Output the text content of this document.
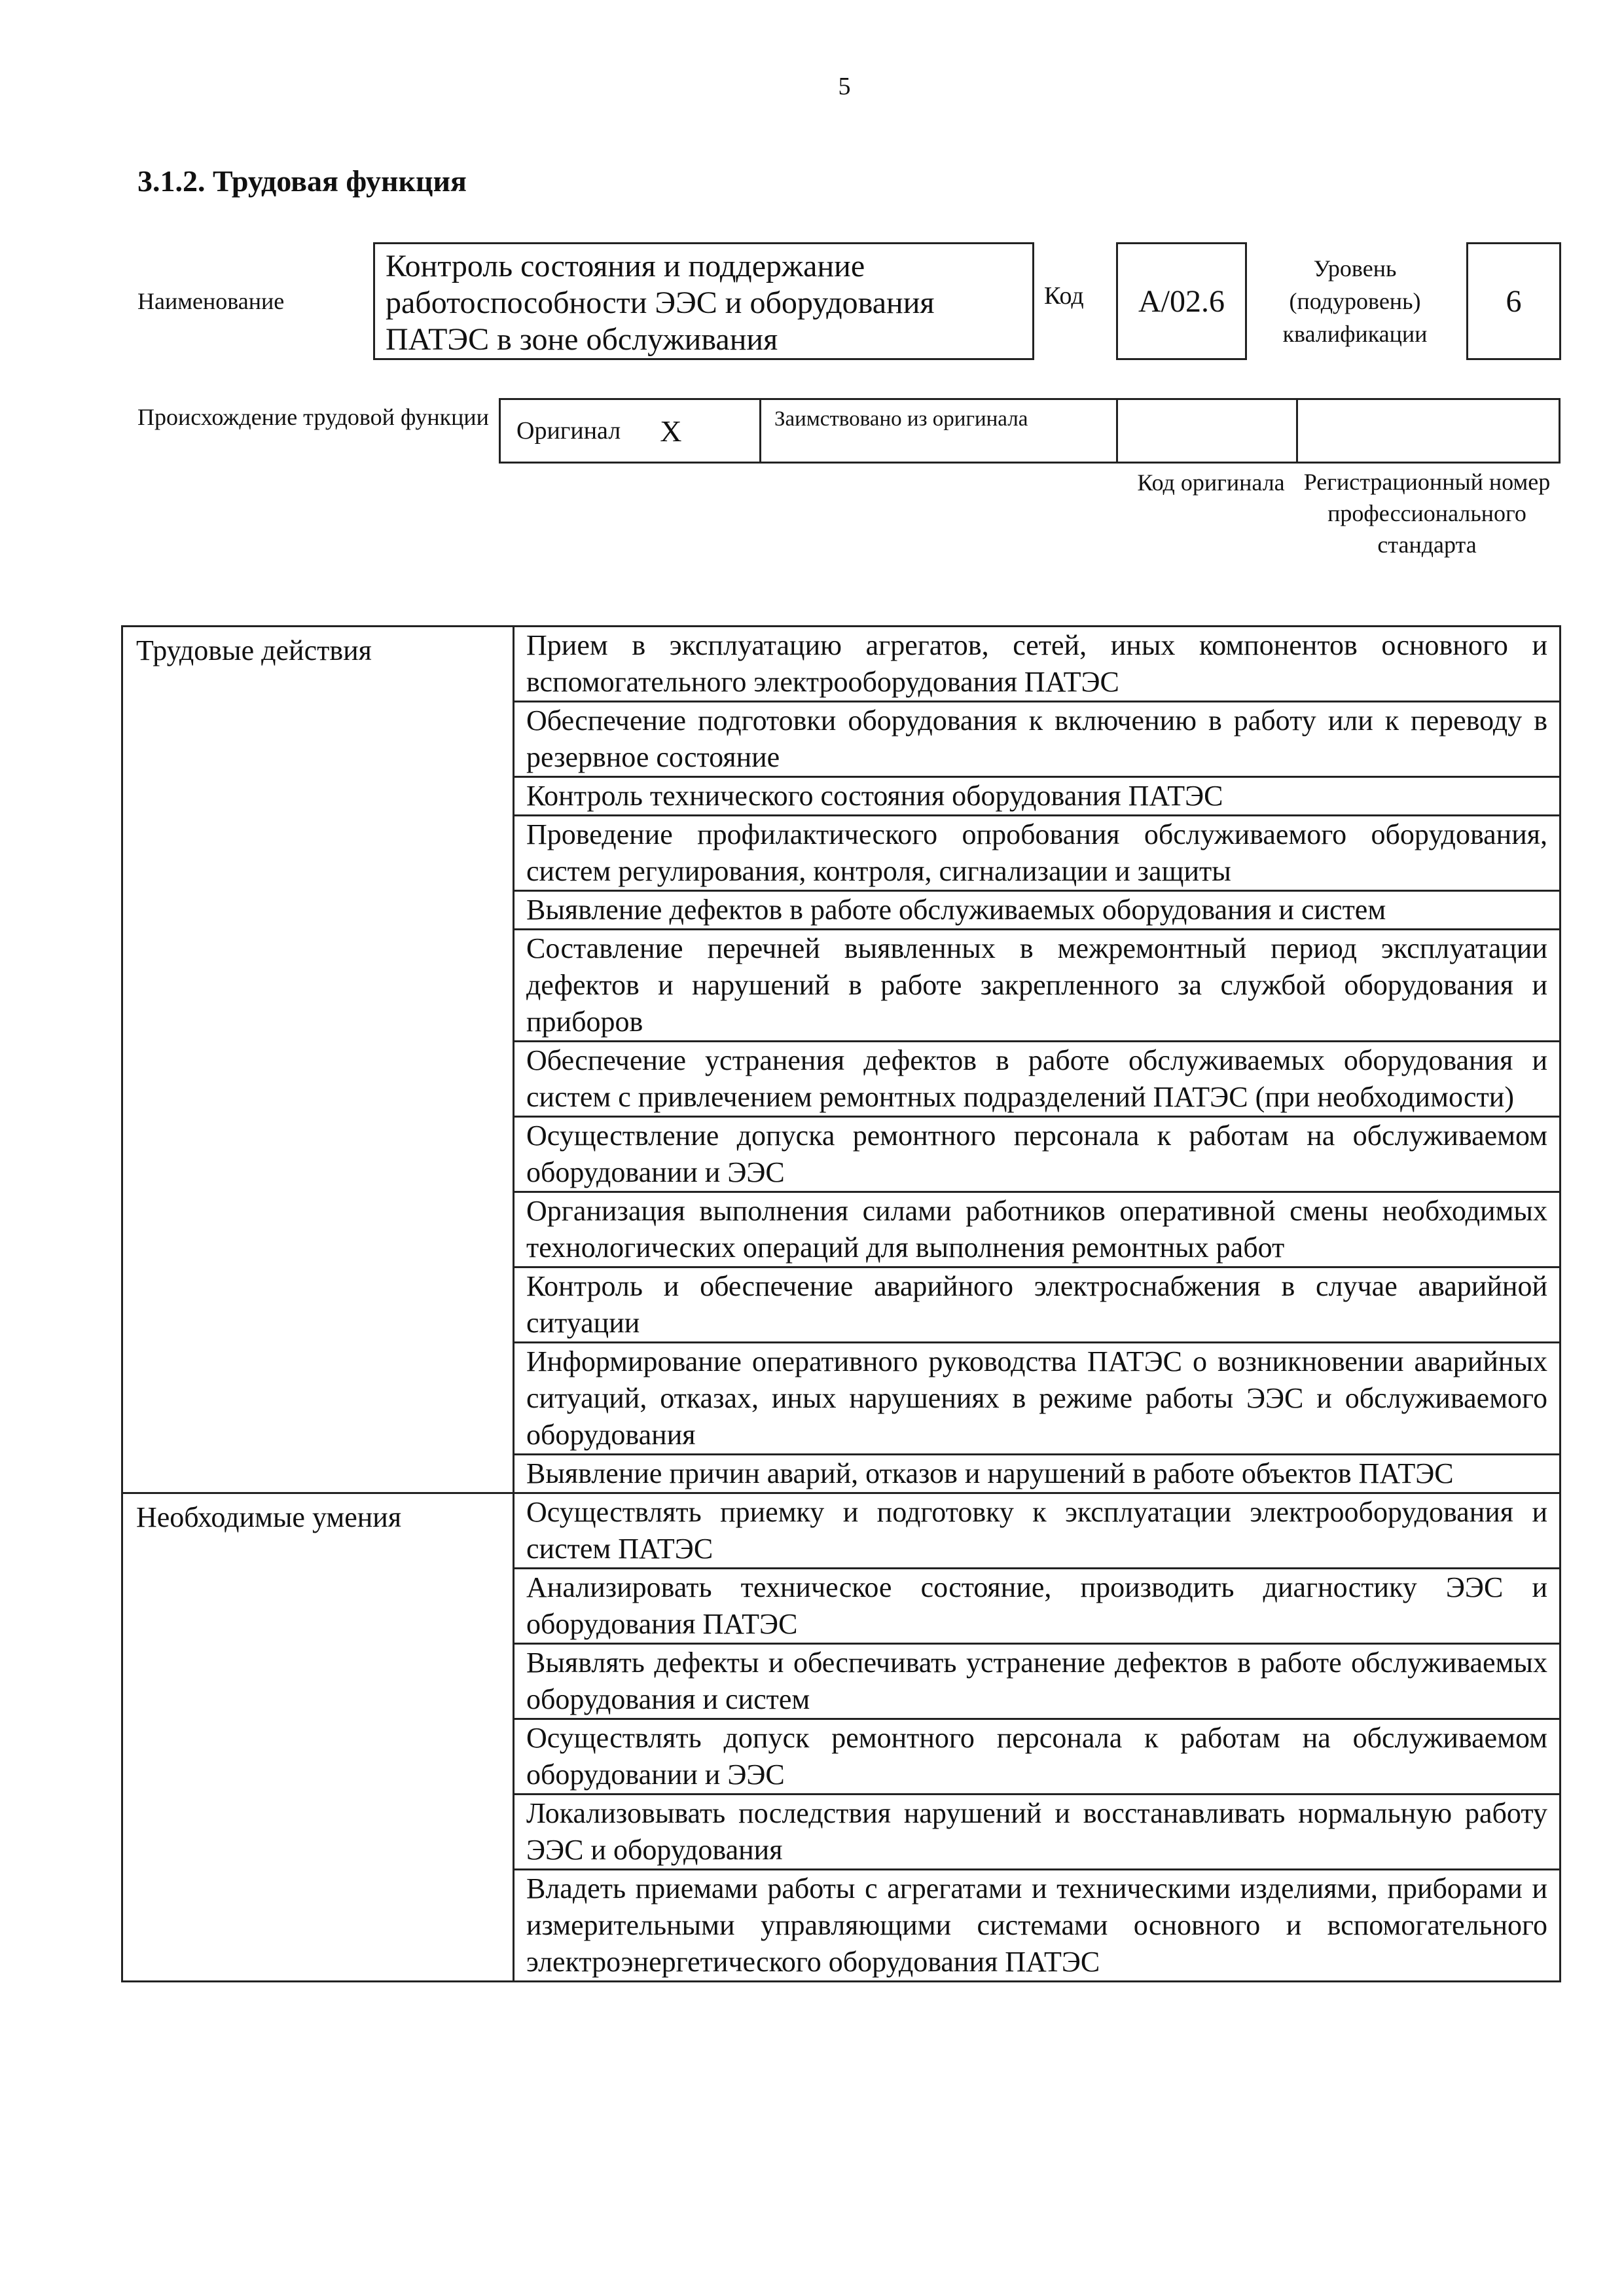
5
3.1.2. Трудовая функция
Наименование
Контроль состояния и поддержание работоспособности ЭЭС и оборудования ПАТЭС в зоне обслуживания
Код	A/02.6
Уровень (подуровень) квалификации
6
Происхождение трудовой функции	Оригинал X	Заимствовано из оригинала
Код оригинала Регистрационный номер профессионального стандарта
Трудовые действия	Прием в эксплуатацию агрегатов, сетей, иных компонентов основного и вспомогательного электрооборудования ПАТЭС
	Обеспечение подготовки оборудования к включению в работу или к переводу в резервное состояние
	Контроль технического состояния оборудования ПАТЭС
	Проведение профилактического опробования обслуживаемого оборудования, систем регулирования, контроля, сигнализации и защиты
	Выявление дефектов в работе обслуживаемых оборудования и систем
	Составление перечней выявленных в межремонтный период эксплуатации дефектов и нарушений в работе закрепленного за службой оборудования и приборов
	Обеспечение устранения дефектов в работе обслуживаемых оборудования и систем с привлечением ремонтных подразделений ПАТЭС (при необходимости)
	Осуществление допуска ремонтного персонала к работам на обслуживаемом оборудовании и ЭЭС
	Организация выполнения силами работников оперативной смены необходимых технологических операций для выполнения ремонтных работ
	Контроль и обеспечение аварийного электроснабжения в случае аварийной ситуации
	Информирование оперативного руководства ПАТЭС о возникновении аварийных ситуаций, отказах, иных нарушениях в режиме работы ЭЭС и обслуживаемого оборудования
	Выявление причин аварий, отказов и нарушений в работе объектов ПАТЭС
Необходимые умения	Осуществлять приемку и подготовку к эксплуатации электрооборудования и систем ПАТЭС
	Анализировать техническое состояние, производить диагностику ЭЭС и оборудования ПАТЭС
	Выявлять дефекты и обеспечивать устранение дефектов в работе обслуживаемых оборудования и систем
	Осуществлять допуск ремонтного персонала к работам на обслуживаемом оборудовании и ЭЭС
	Локализовывать последствия нарушений и восстанавливать нормальную работу ЭЭС и оборудования
	Владеть приемами работы с агрегатами и техническими изделиями, приборами и измерительными управляющими системами основного и вспомогательного электроэнергетического оборудования ПАТЭС
